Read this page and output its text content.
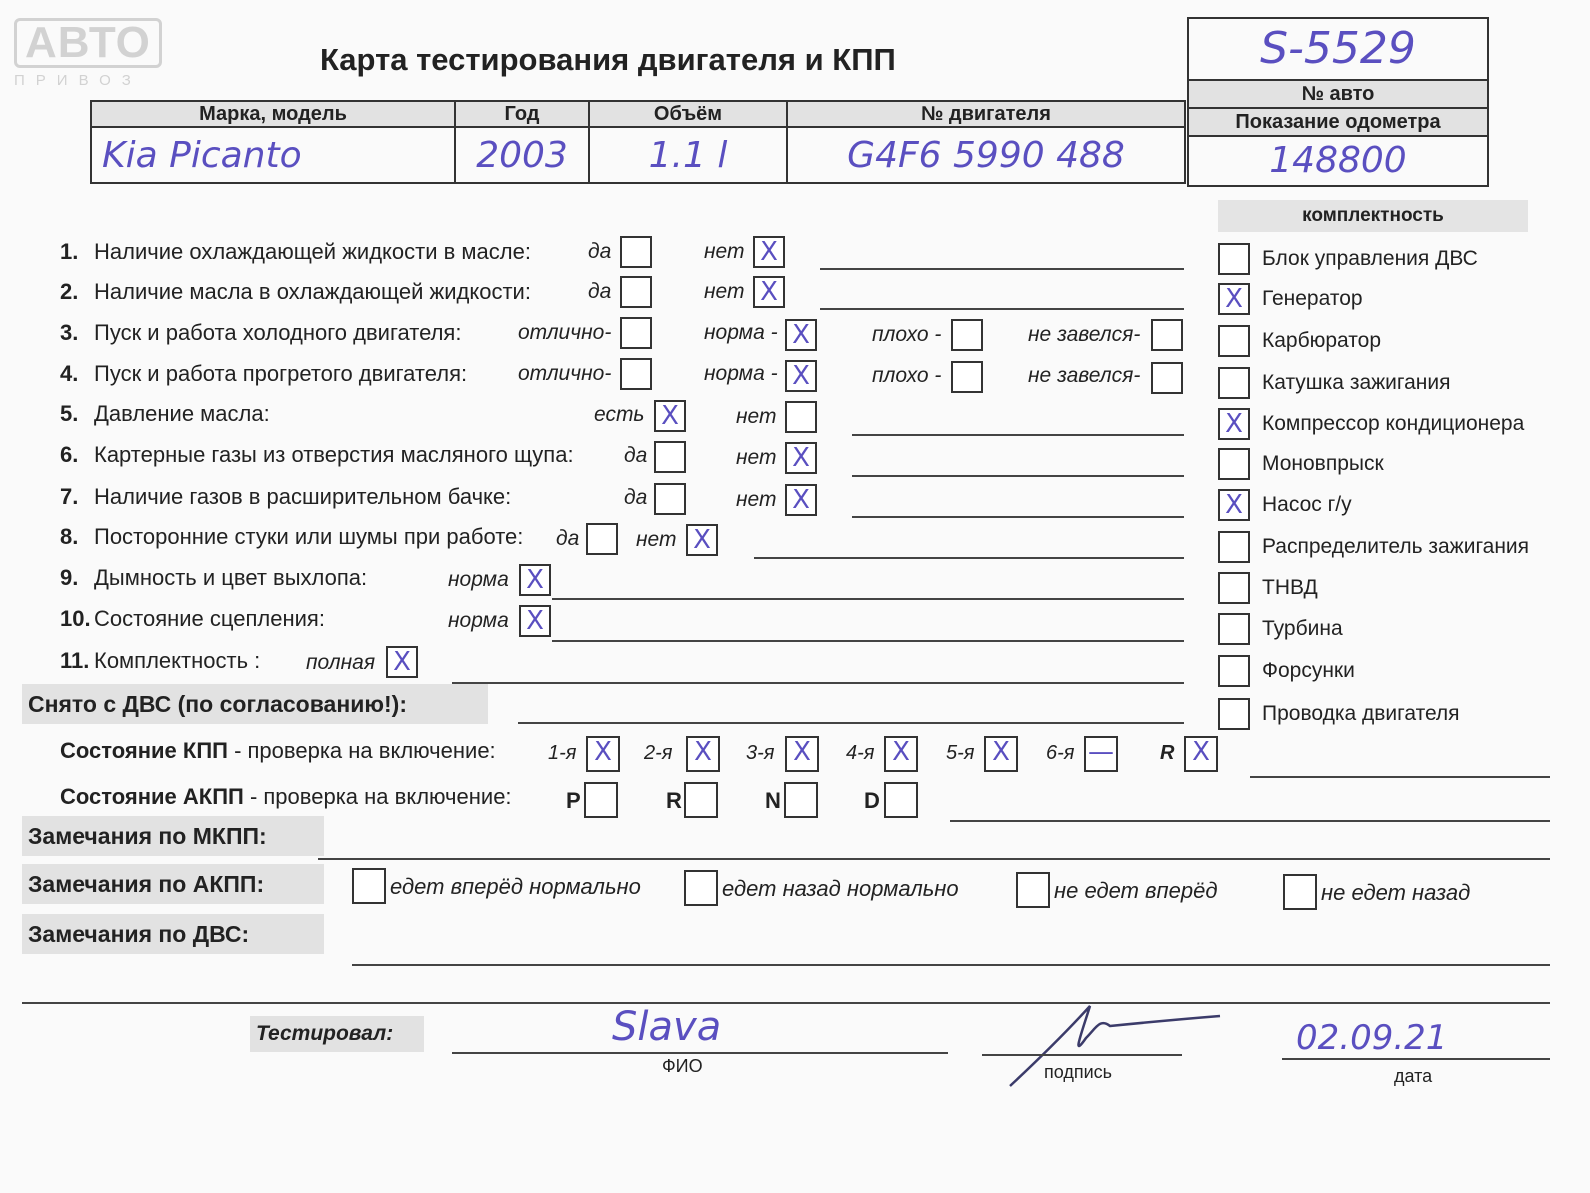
АВТО
ПРИВОЗ
Карта тестирования двигателя и КПП
Марка, модель	Год	Объём	№ двигателя
Kia Picanto	2003	1.1 l	G4F6 5990 488
S-5529
№ авто
Показание одометра
148800
1. Наличие охлаждающей жидкости в масле:	да	нет X
2. Наличие масла в охлаждающей жидкости:	да	нет X
3. Пуск и работа холодного двигателя:	отлично-	норма - X	плохо -	не завелся-
4. Пуск и работа прогретого двигателя: отлично-	норма - X	плохо -	не завелся-
5. Давление масла:	есть X	нет
6. Картерные газы из отверстия масляного щупа: да	нет X
7. Наличие газов в расширительном бачке:	да	нет X
8. Посторонние стуки или шумы при работе: да	нет X
9. Дымность и цвет выхлопа:	норма X
10. Состояние сцепления:	норма X
11. Комплектность : полная X
комплектность
Блок управления ДВС
X Генератор
Карбюратор
Катушка зажигания
X Компрессор кондиционера
Моновпрыск
X Насос г/у
Распределитель зажигания
ТНВД
Турбина
Форсунки
Проводка двигателя
Снято с ДВС (по согласованию!):
Состояние КПП - проверка на включение:	1-я X	2-я X	3-я X	4-я X	5-я X	6-я — R X
Состояние АКПП - проверка на включение: P	R	N	D
Замечания по МКПП:
Замечания по АКПП:	едет вперёд нормально	едет назад нормально	не едет вперёд	не едет назад
Замечания по ДВС:
Тестировал:	Slava
ФИО	подпись
02.09.21
дата
